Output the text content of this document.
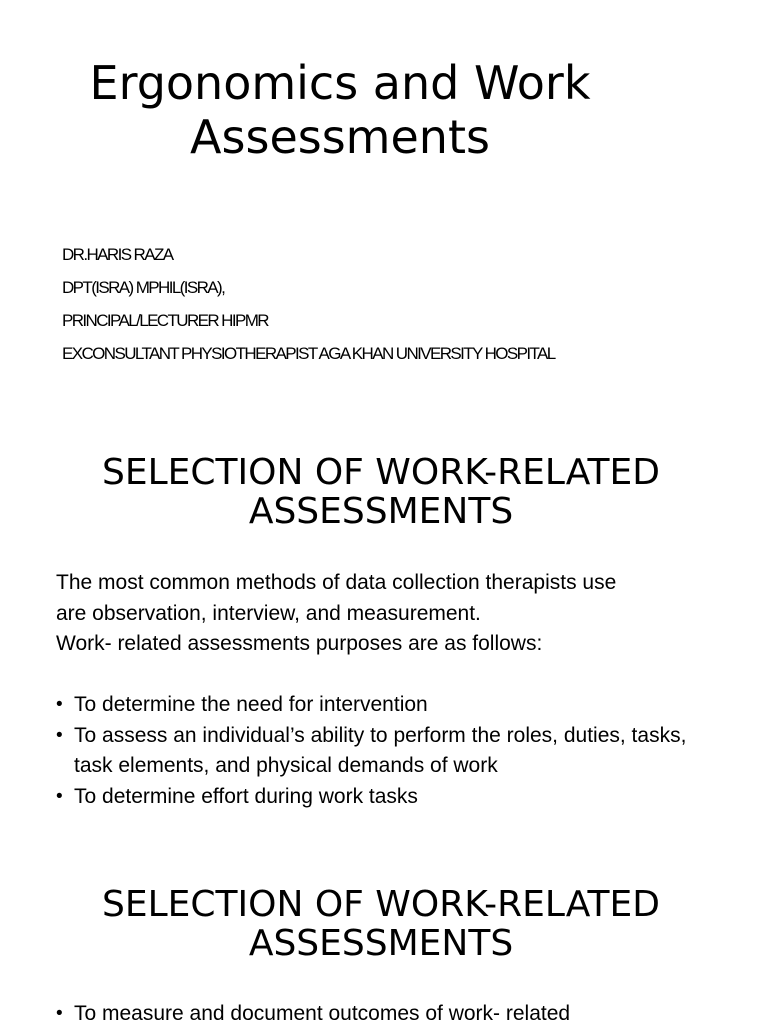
Ergonomics and Work
Assessments
DR.HARIS RAZA
DPT(ISRA) MPHIL(ISRA),
PRINCIPAL/LECTURER HIPMR
EXCONSULTANT PHYSIOTHERAPIST AGA KHAN UNIVERSITY HOSPITAL
SELECTION OF WORK-RELATED
ASSESSMENTS
The most common methods of data collection therapists use
are observation, interview, and measurement.
Work- related assessments purposes are as follows:
• To determine the need for intervention
• To assess an individual’s ability to perform the roles, duties, tasks, task elements, and physical demands of work
• To determine effort during work tasks
SELECTION OF WORK-RELATED
ASSESSMENTS
• To measure and document outcomes of work- related
